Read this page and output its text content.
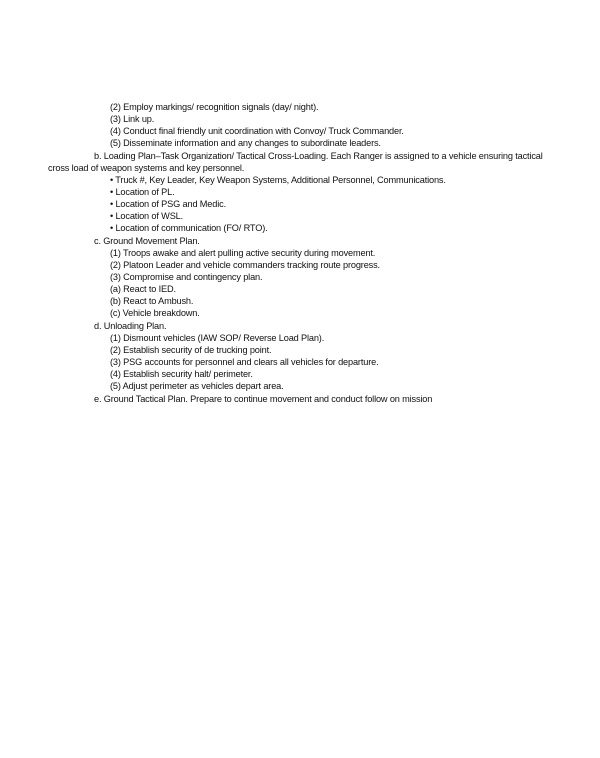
(2) Employ markings/ recognition signals (day/ night).
(3) Link up.
(4) Conduct final friendly unit coordination with Convoy/ Truck Commander.
(5) Disseminate information and any changes to subordinate leaders.
b. Loading Plan–Task Organization/ Tactical Cross-Loading. Each Ranger is assigned to a vehicle ensuring tactical
cross load of weapon systems and key personnel.
• Truck #, Key Leader, Key Weapon Systems, Additional Personnel, Communications.
• Location of PL.
• Location of PSG and Medic.
• Location of WSL.
• Location of communication (FO/ RTO).
c. Ground Movement Plan.
(1) Troops awake and alert pulling active security during movement.
(2) Platoon Leader and vehicle commanders tracking route progress.
(3) Compromise and contingency plan.
(a) React to IED.
(b) React to Ambush.
(c) Vehicle breakdown.
d. Unloading Plan.
(1) Dismount vehicles (IAW SOP/ Reverse Load Plan).
(2) Establish security of de trucking point.
(3) PSG accounts for personnel and clears all vehicles for departure.
(4) Establish security halt/ perimeter.
(5) Adjust perimeter as vehicles depart area.
e. Ground Tactical Plan. Prepare to continue movement and conduct follow on mission
